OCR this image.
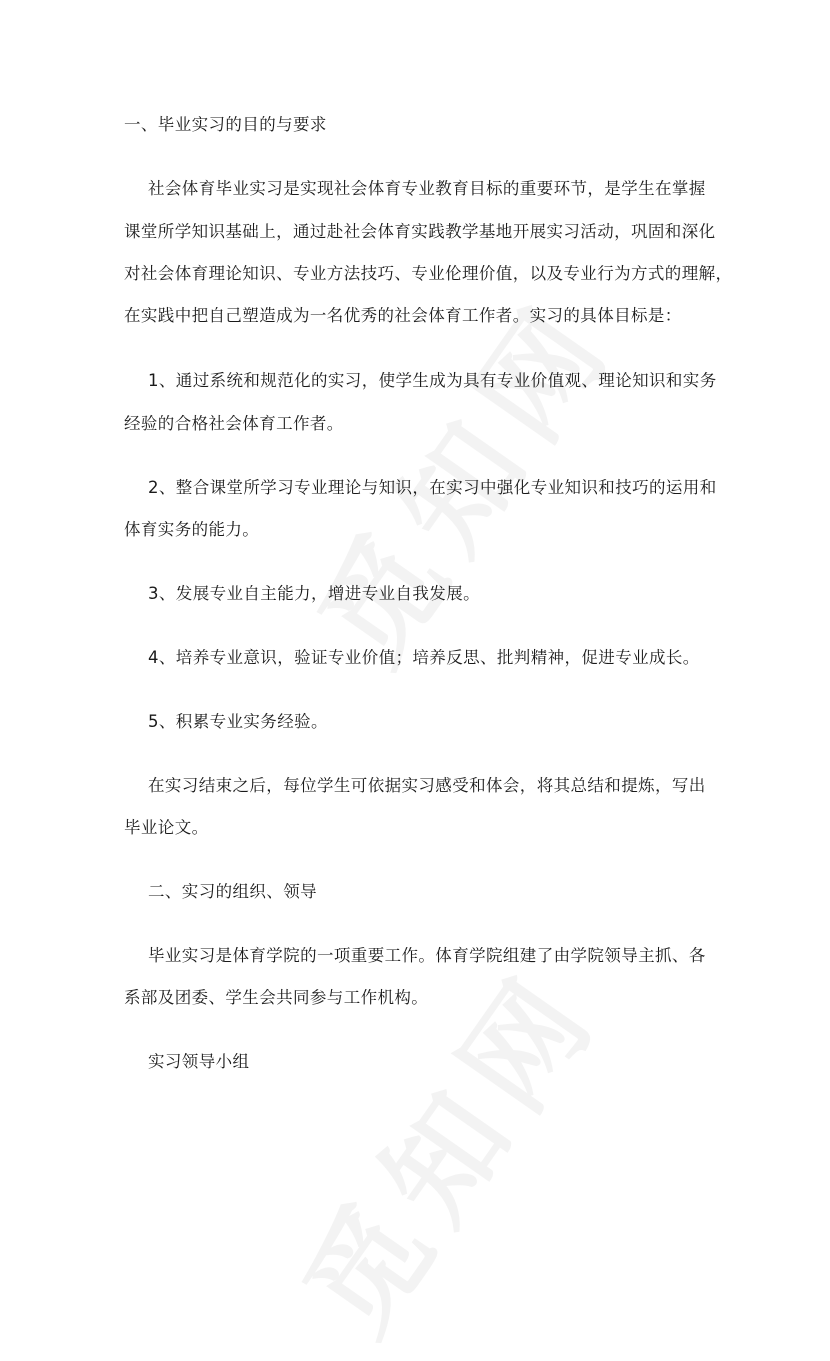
一、毕业实习的目的与要求
社会体育毕业实习是实现社会体育专业教育目标的重要环节，是学生在掌握
课堂所学知识基础上，通过赴社会体育实践教学基地开展实习活动，巩固和深化
对社会体育理论知识、专业方法技巧、专业伦理价值，以及专业行为方式的理解，
在实践中把自己塑造成为一名优秀的社会体育工作者。实习的具体目标是：
1、通过系统和规范化的实习，使学生成为具有专业价值观、理论知识和实务
经验的合格社会体育工作者。
2、整合课堂所学习专业理论与知识，在实习中强化专业知识和技巧的运用和
体育实务的能力。
3、发展专业自主能力，增进专业自我发展。
4、培养专业意识，验证专业价值；培养反思、批判精神，促进专业成长。
5、积累专业实务经验。
在实习结束之后，每位学生可依据实习感受和体会，将其总结和提炼，写出
毕业论文。
二、实习的组织、领导
毕业实习是体育学院的一项重要工作。体育学院组建了由学院领导主抓、各
系部及团委、学生会共同参与工作机构。
实习领导小组
